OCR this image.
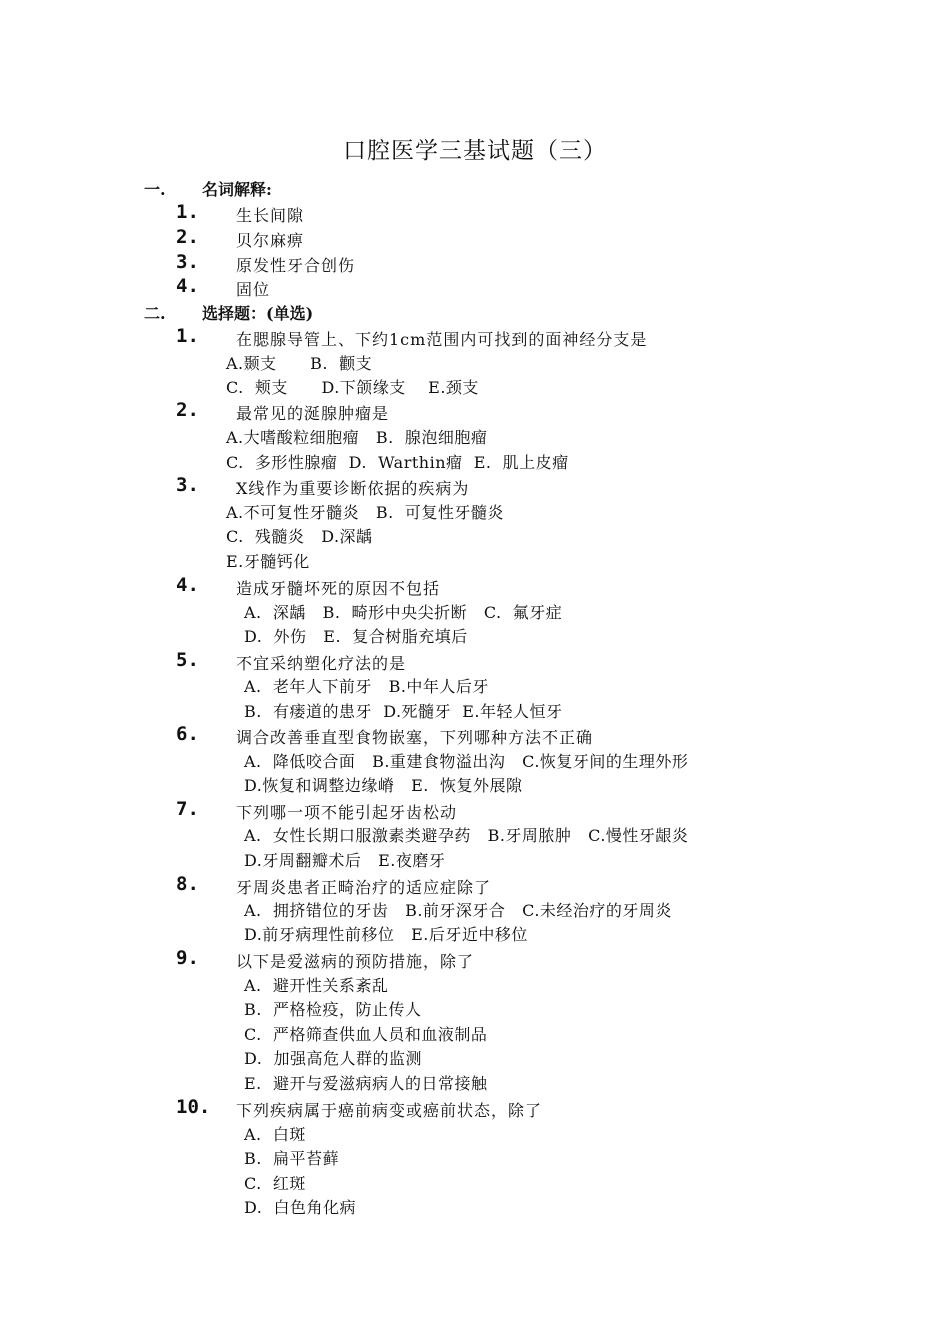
口腔医学三基试题（三）
一. 名词解释:
1. 生长间隙
2. 贝尔麻痹
3. 原发性牙合创伤
4. 固位
二. 选择题：(单选)
1. 在腮腺导管上、下约1cm范围内可找到的面神经分支是
A.颞支      B.  颧支
C.  颊支      D.下颌缘支    E.颈支
2. 最常见的涎腺肿瘤是
A.大嗜酸粒细胞瘤   B.  腺泡细胞瘤
C.  多形性腺瘤  D.  Warthin瘤  E.  肌上皮瘤
3. X线作为重要诊断依据的疾病为
A.不可复性牙髓炎   B.  可复性牙髓炎
C.  残髓炎   D.深龋
E.牙髓钙化
4. 造成牙髓坏死的原因不包括
A.  深龋   B.  畸形中央尖折断   C.  氟牙症
D.  外伤   E.  复合树脂充填后
5. 不宜采纳塑化疗法的是
A.  老年人下前牙   B.中年人后牙
B.  有瘘道的患牙  D.死髓牙  E.年轻人恒牙
6. 调合改善垂直型食物嵌塞，下列哪种方法不正确
A.  降低咬合面   B.重建食物溢出沟   C.恢复牙间的生理外形
D.恢复和调整边缘嵴   E.  恢复外展隙
7. 下列哪一项不能引起牙齿松动
A.  女性长期口服激素类避孕药   B.牙周脓肿   C.慢性牙龈炎
D.牙周翻瓣术后   E.夜磨牙
8. 牙周炎患者正畸治疗的适应症除了
A.  拥挤错位的牙齿   B.前牙深牙合   C.未经治疗的牙周炎
D.前牙病理性前移位   E.后牙近中移位
9. 以下是爱滋病的预防措施，除了
A.  避开性关系紊乱
B.  严格检疫，防止传人
C.  严格筛查供血人员和血液制品
D.  加强高危人群的监测
E.  避开与爱滋病病人的日常接触
10. 下列疾病属于癌前病变或癌前状态，除了
A.  白斑
B.  扁平苔藓
C.  红斑
D.  白色角化病
